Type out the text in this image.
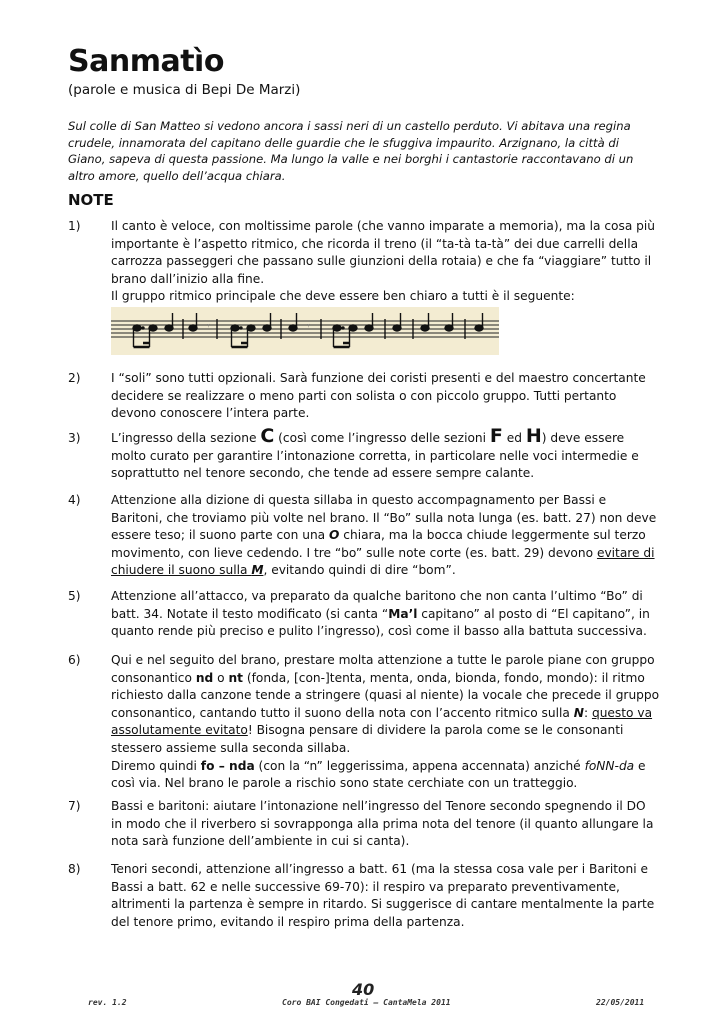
Sanmatìo

(parole e musica di Bepi De Marzi)

Sul colle di San Matteo si vedono ancora i sassi neri di un castello perduto. Vi abitava una regina crudele, innamorata del capitano delle guardie che le sfuggiva impaurito. Arzignano, la città di Giano, sapeva di questa passione. Ma lungo la valle e nei borghi i cantastorie raccontavano di un altro amore, quello dell’acqua chiara.

NOTE
1)	Il canto è veloce, con moltissime parole (che vanno imparate a memoria), ma la cosa più importante è l’aspetto ritmico, che ricorda il treno (il “ta-tà ta-tà” dei due carrelli della carrozza passeggeri che passano sulle giunzioni della rotaia) e che fa “viaggiare” tutto il brano dall’inizio alla fine.

Il gruppo ritmico principale che deve essere ben chiaro a tutti è il seguente:

𝄾	𝄾
2)	I “soli” sono tutti opzionali. Sarà funzione dei coristi presenti e del maestro concertante decidere se realizzare o meno parti con solista o con piccolo gruppo. Tutti pertanto devono conoscere l’intera parte.

3)	L’ingresso della sezione C (così come l’ingresso delle sezioni F ed H) deve essere molto curato per garantire l’intonazione corretta, in particolare nelle voci intermedie e soprattutto nel tenore secondo, che tende ad essere sempre calante.

4)	Attenzione alla dizione di questa sillaba in questo accompagnamento per Bassi e Baritoni, che troviamo più volte nel brano. Il “Bo” sulla nota lunga (es. batt. 27) non deve essere teso; il suono parte con una O chiara, ma la bocca chiude leggermente sul terzo movimento, con lieve cedendo. I tre “bo” sulle note corte (es. batt. 29) devono evitare di chiudere il suono sulla M, evitando quindi di dire “bom”.

5)	Attenzione all’attacco, va preparato da qualche baritono che non canta l’ultimo “Bo” di batt. 34. Notate il testo modificato (si canta “Ma’l capitano” al posto di “El capitano”, in quanto rende più preciso e pulito l’ingresso), così come il basso alla battuta successiva.

6)	Qui e nel seguito del brano, prestare molta attenzione a tutte le parole piane con gruppo consonantico nd o nt (fonda, [con-]tenta, menta, onda, bionda, fondo, mondo): il ritmo richiesto dalla canzone tende a stringere (quasi al niente) la vocale che precede il gruppo consonantico, cantando tutto il suono della nota con l’accento ritmico sulla N: questo va assolutamente evitato! Bisogna pensare di dividere la parola come se le consonanti stessero assieme sulla seconda sillaba.

Diremo quindi fo – nda (con la “n” leggerissima, appena accennata) anziché foNN-da e così via. Nel brano le parole a rischio sono state cerchiate con un tratteggio.

7)	Bassi e baritoni: aiutare l’intonazione nell’ingresso del Tenore secondo spegnendo il DO in modo che il riverbero si sovrapponga alla prima nota del tenore (il quanto allungare la nota sarà funzione dell’ambiente in cui si canta).

8)	Tenori secondi, attenzione all’ingresso a batt. 61 (ma la stessa cosa vale per i Baritoni e Bassi a batt. 62 e nelle successive 69-70): il respiro va preparato preventivamente, altrimenti la partenza è sempre in ritardo. Si suggerisce di cantare mentalmente la parte del tenore primo, evitando il respiro prima della partenza.

40
rev. 1.2	Coro BAI Congedati – CantaMela 2011	22/05/2011
